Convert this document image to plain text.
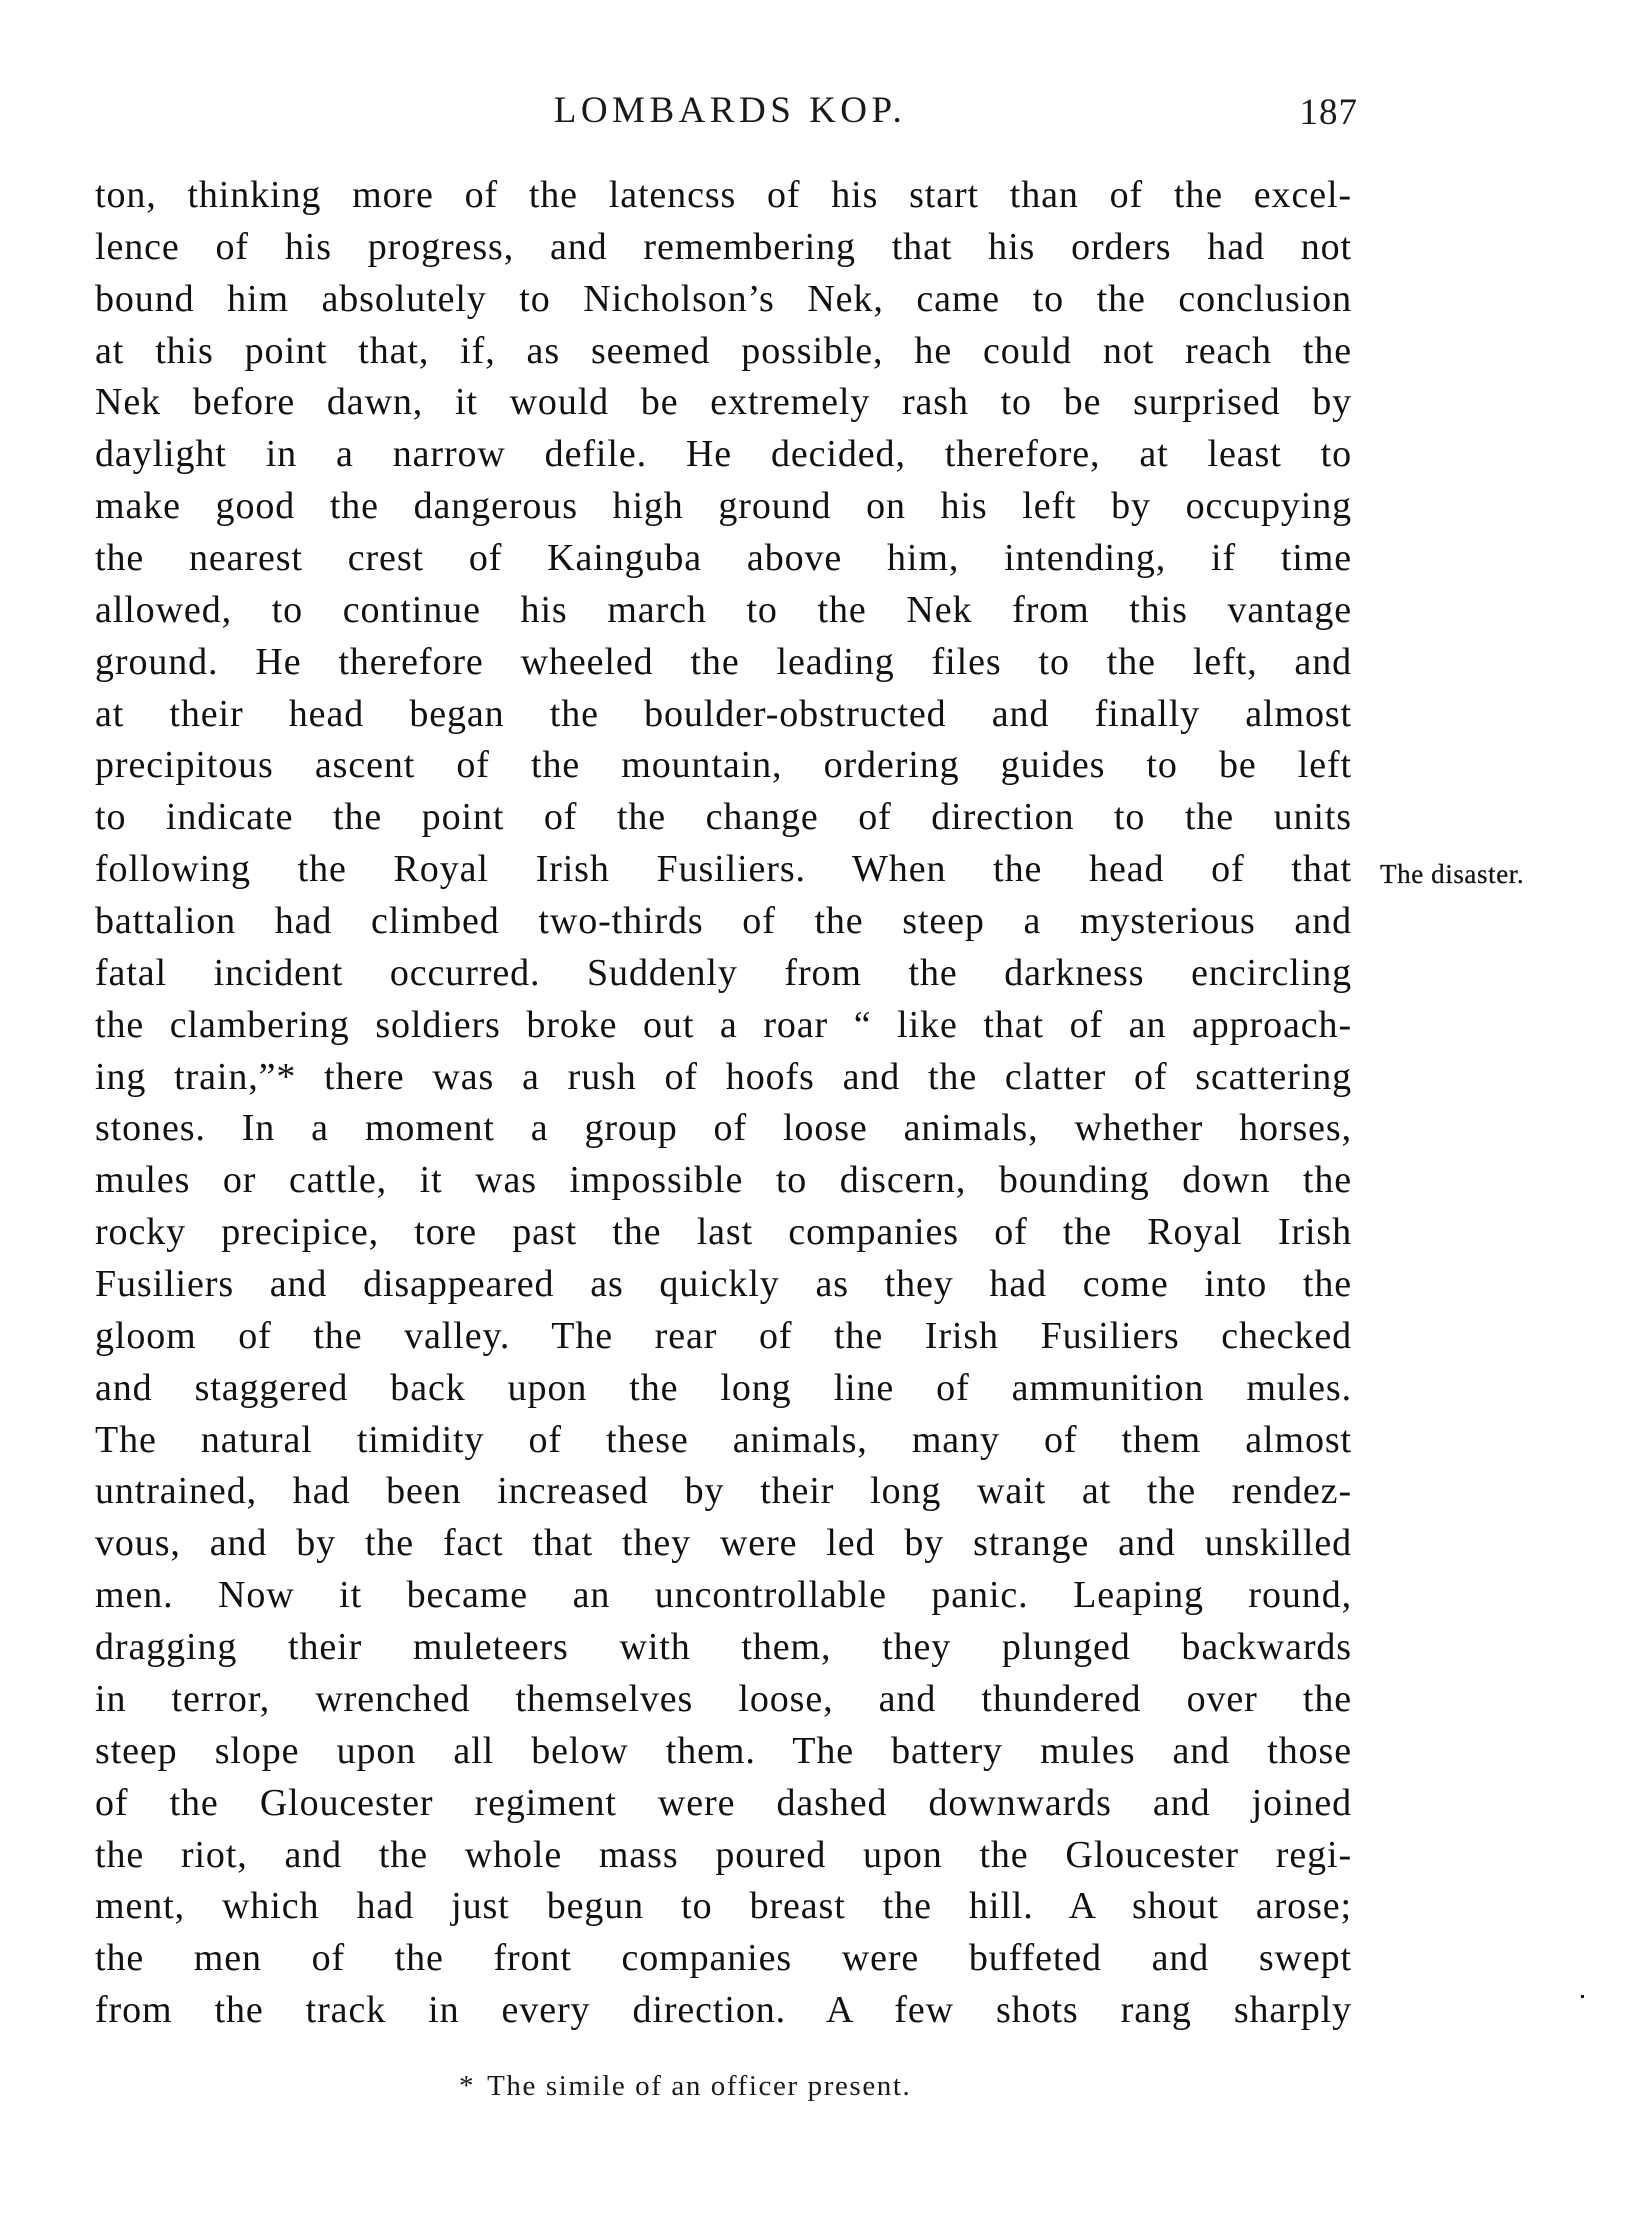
LOMBARDS KOP.	187
ton, thinking more of the latencss of his start than of the excel-
lence of his progress, and remembering that his orders had not
bound him absolutely to Nicholson’s Nek, came to the conclusion
at this point that, if, as seemed possible, he could not reach the
Nek before dawn, it would be extremely rash to be surprised by
daylight in a narrow defile. He decided, therefore, at least to
make good the dangerous high ground on his left by occupying
the nearest crest of Kainguba above him, intending, if time
allowed, to continue his march to the Nek from this vantage
ground. He therefore wheeled the leading files to the left, and
at their head began the boulder-obstructed and finally almost
precipitous ascent of the mountain, ordering guides to be left
to indicate the point of the change of direction to the units
following the Royal Irish Fusiliers. When the head of that
battalion had climbed two-thirds of the steep a mysterious and
fatal incident occurred. Suddenly from the darkness encircling
the clambering soldiers broke out a roar “ like that of an approach-
ing train,”* there was a rush of hoofs and the clatter of scattering
stones. In a moment a group of loose animals, whether horses,
mules or cattle, it was impossible to discern, bounding down the
rocky precipice, tore past the last companies of the Royal Irish
Fusiliers and disappeared as quickly as they had come into the
gloom of the valley. The rear of the Irish Fusiliers checked
and staggered back upon the long line of ammunition mules.
The natural timidity of these animals, many of them almost
untrained, had been increased by their long wait at the rendez-
vous, and by the fact that they were led by strange and unskilled
men. Now it became an uncontrollable panic. Leaping round,
dragging their muleteers with them, they plunged backwards
in terror, wrenched themselves loose, and thundered over the
steep slope upon all below them. The battery mules and those
of the Gloucester regiment were dashed downwards and joined
the riot, and the whole mass poured upon the Gloucester regi-
ment, which had just begun to breast the hill. A shout arose;
the men of the front companies were buffeted and swept
from the track in every direction. A few shots rang sharply
The disaster.
* The simile of an officer present.
